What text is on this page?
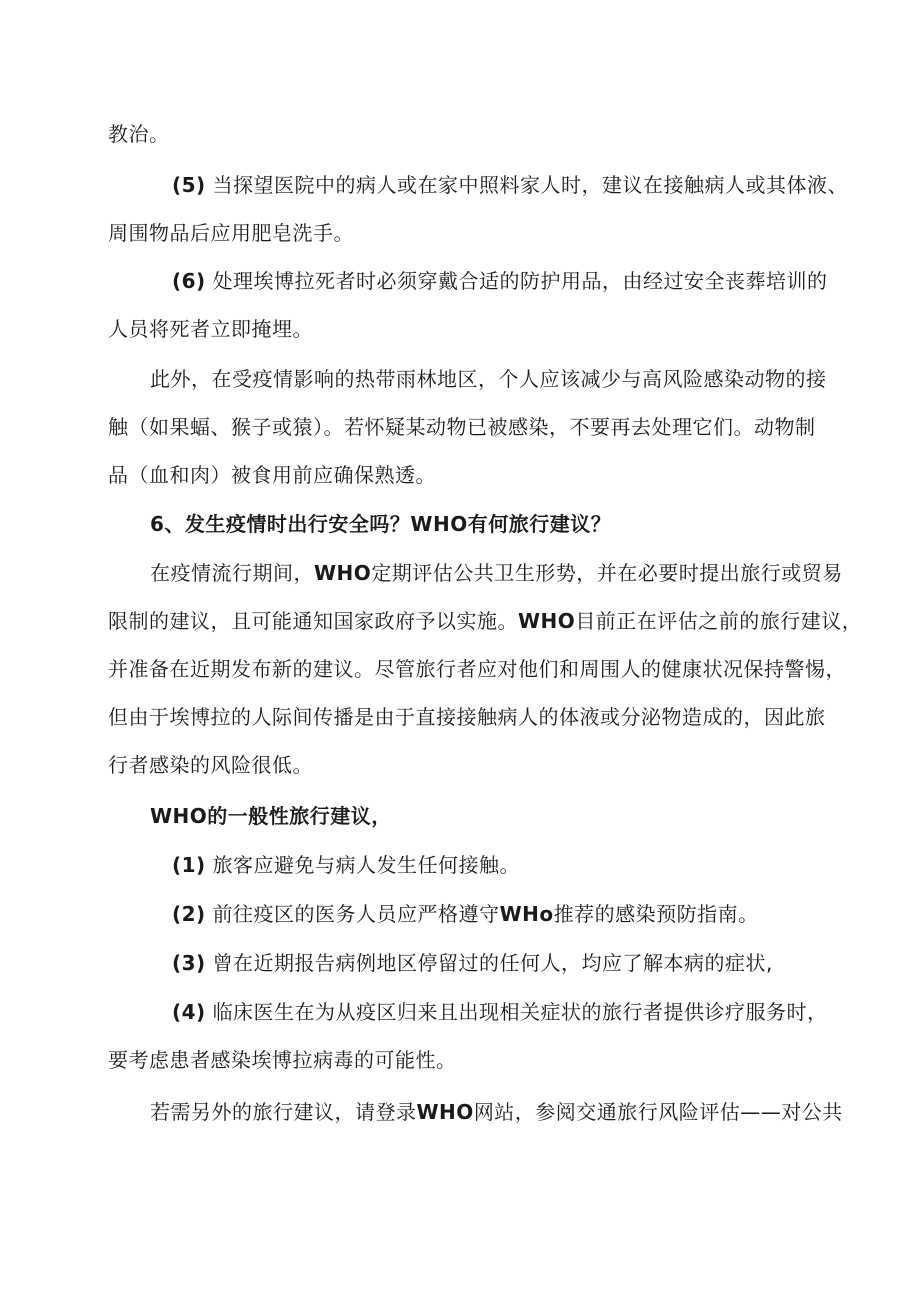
教治。
(5) 当探望医院中的病人或在家中照料家人时，建议在接触病人或其体液、
周围物品后应用肥皂洗手。
(6) 处理埃博拉死者时必须穿戴合适的防护用品，由经过安全丧葬培训的
人员将死者立即掩埋。
此外，在受疫情影响的热带雨林地区，个人应该减少与高风险感染动物的接
触（如果蝠、猴子或猿）。若怀疑某动物已被感染，不要再去处理它们。动物制
品（血和肉）被食用前应确保熟透。
6、发生疫情时出行安全吗？WHO有何旅行建议？
在疫情流行期间，WHO定期评估公共卫生形势，并在必要时提出旅行或贸易
限制的建议，且可能通知国家政府予以实施。WHO目前正在评估之前的旅行建议，
并准备在近期发布新的建议。尽管旅行者应对他们和周围人的健康状况保持警惕，
但由于埃博拉的人际间传播是由于直接接触病人的体液或分泌物造成的，因此旅
行者感染的风险很低。
WHO的一般性旅行建议，
(1) 旅客应避免与病人发生任何接触。
(2) 前往疫区的医务人员应严格遵守WHo推荐的感染预防指南。
(3) 曾在近期报告病例地区停留过的任何人，均应了解本病的症状,
(4) 临床医生在为从疫区归来且出现相关症状的旅行者提供诊疗服务时，
要考虑患者感染埃博拉病毒的可能性。
若需另外的旅行建议，请登录WHO网站，参阅交通旅行风险评估——对公共
